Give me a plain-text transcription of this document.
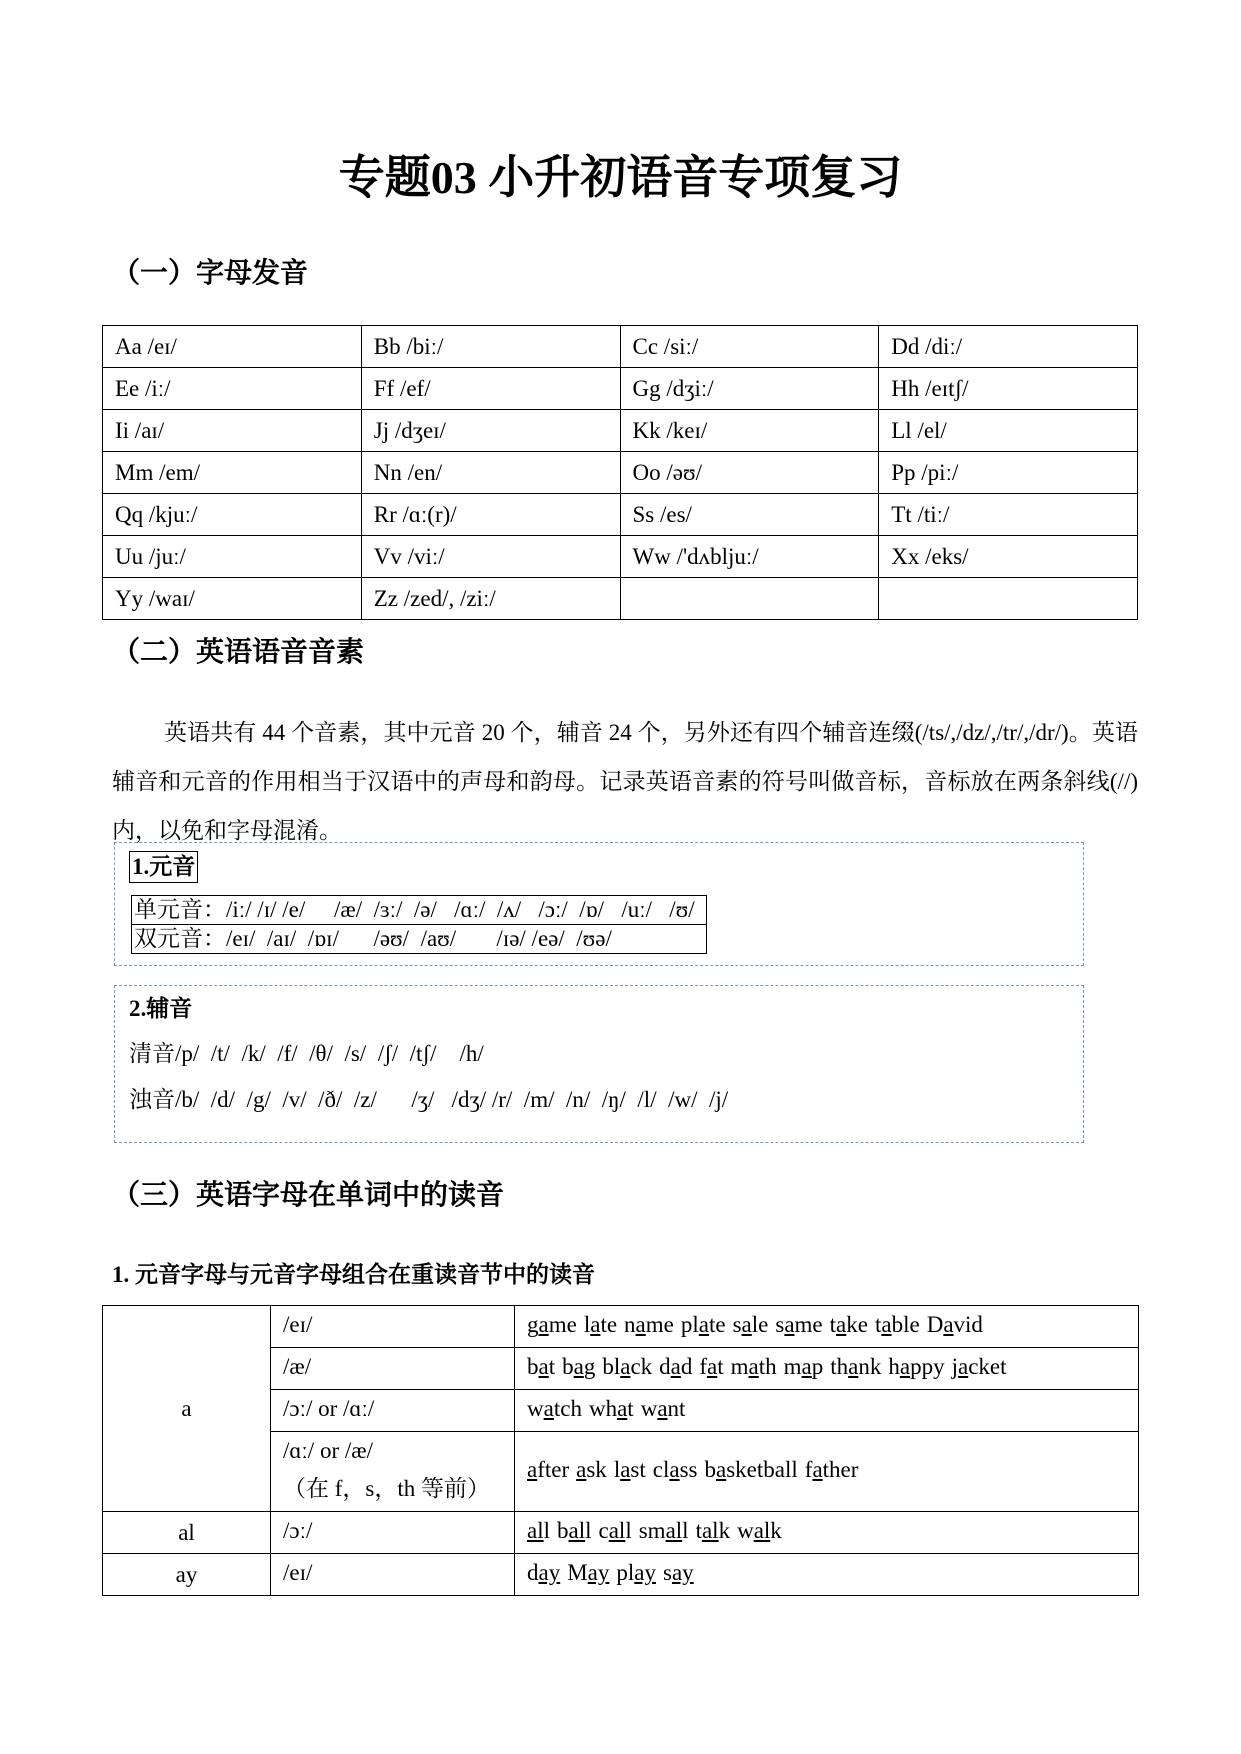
专题03 小升初语音专项复习
（一）字母发音
Aa /eɪ/	Bb /biː/	Cc /siː/	Dd /diː/
Ee /iː/	Ff /ef/	Gg /dʒiː/	Hh /eɪtʃ/
Ii /aɪ/	Jj /dʒeɪ/	Kk /keɪ/	Ll /el/
Mm /em/	Nn /en/	Oo /əʊ/	Pp /piː/
Qq /kjuː/	Rr /ɑː(r)/	Ss /es/	Tt /tiː/
Uu /juː/	Vv /viː/	Ww /'dʌbljuː/	Xx /eks/
Yy /waɪ/	Zz /zed/, /ziː/		
（二）英语语音音素

英语共有 44 个音素，其中元音 20 个，辅音 24 个，另外还有四个辅音连缀(/ts/,/dz/,/tr/,/dr/)。英语辅音和元音的作用相当于汉语中的声母和韵母。记录英语音素的符号叫做音标，音标放在两条斜线(//)内，以免和字母混淆。

1.元音
单元音：/iː/ /ɪ/ /e/     /æ/  /ɜː/  /ə/   /ɑː/  /ʌ/   /ɔː/  /ɒ/   /uː/   /ʊ/
双元音：/eɪ/  /aɪ/  /ɒɪ/      /əʊ/  /aʊ/       /ɪə/ /eə/  /ʊə/
2.辅音
清音/p/  /t/  /k/  /f/  /θ/  /s/  /ʃ/  /tʃ/    /h/
浊音/b/  /d/  /g/  /v/  /ð/  /z/      /ʒ/   /dʒ/ /r/  /m/  /n/  /ŋ/  /l/  /w/  /j/
（三）英语字母在单词中的读音
1. 元音字母与元音字母组合在重读音节中的读音
a	/eɪ/	game late name plate sale same take table David

	/æ/	bat bag black dad fat math map thank happy jacket

	/ɔː/ or /ɑː/	watch what want

	/ɑː/ or /æ/
（在 f，s，th 等前）	after ask last class basketball father
al	/ɔː/	all ball call small talk walk
ay	/eɪ/	day May play say
